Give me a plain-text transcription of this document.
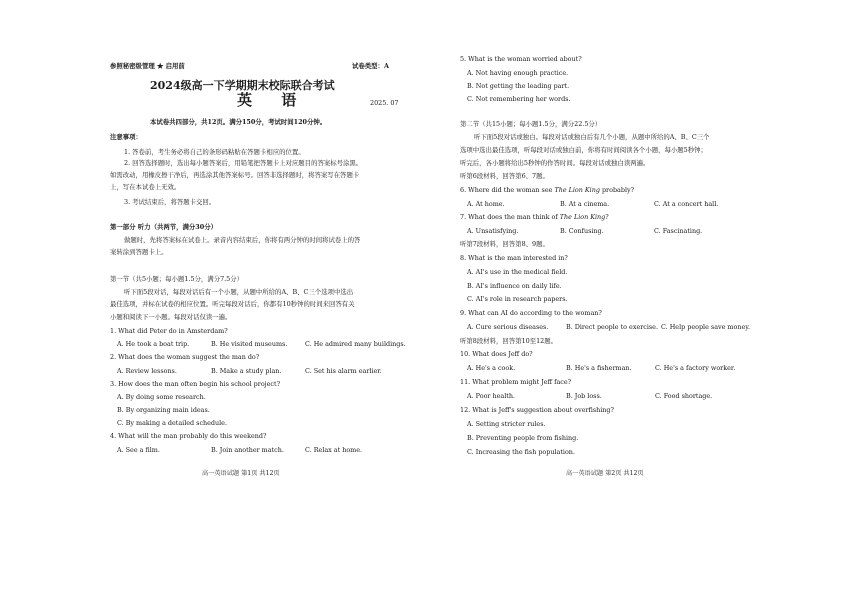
参照秘密级管理 ★ 启用前	试卷类型：A
2024级高一下学期期末校际联合考试
英 语	2025. 07
本试卷共四部分，共12页。满分150分，考试时间120分钟。
注意事项：
1. 答卷前，考生务必将自己的条形码粘贴在答题卡相应的位置。
2. 回答选择题时，选出每小题答案后，用铅笔把答题卡上对应题目的答案标号涂黑。
如需改动，用橡皮擦干净后，再选涂其他答案标号。回答非选择题时，将答案写在答题卡
上，写在本试卷上无效。
3. 考试结束后，将答题卡交回。
第一部分 听力（共两节，满分30分）
做题时，先将答案标在试卷上。录音内容结束后，你将有两分钟的时间将试卷上的答
案转涂到答题卡上。
第一节（共5小题；每小题1.5分，满分7.5分）
听下面5段对话，每段对话后有一个小题，从题中所给的A、B、C三个选项中选出
最佳选项，并标在试卷的相应位置。听完每段对话后，你都有10秒钟的时间来回答有关
小题和阅读下一小题。每段对话仅读一遍。
1. What did Peter do in Amsterdam?
A. He took a boat trip.	B. He visited museums.	C. He admired many buildings.
2. What does the woman suggest the man do?
A. Review lessons.	B. Make a study plan.	C. Set his alarm earlier.
3. How does the man often begin his school project?
A. By doing some research.
B. By organizing main ideas.
C. By making a detailed schedule.
4. What will the man probably do this weekend?
A. See a film.	B. Join another match.	C. Relax at home.
高一英语试题 第1页 共12页
5. What is the woman worried about?
A. Not having enough practice.
B. Not getting the leading part.
C. Not remembering her words.
第二节（共15小题；每小题1.5分，满分22.5分）
听下面5段对话或独白。每段对话或独白后有几个小题，从题中所给的A、B、C三个
选项中选出最佳选项，听每段对话或独白前，你将有时间阅读各个小题，每小题5秒钟；
听完后，各小题将给出5秒钟的作答时间。每段对话或独白读两遍。
听第6段材料，回答第6、7题。
6. Where did the woman see The Lion King probably?
A. At home.	B. At a cinema.	C. At a concert hall.
7. What does the man think of The Lion King?
A. Unsatisfying.	B. Confusing.	C. Fascinating.
听第7段材料，回答第8、9题。
8. What is the man interested in?
A. AI's use in the medical field.
B. AI's influence on daily life.
C. AI's role in research papers.
9. What can AI do according to the woman?
A. Cure serious diseases.	B. Direct people to exercise. C. Help people save money.
听第8段材料，回答第10至12题。
10. What does Jeff do?
A. He's a cook.	B. He's a fisherman.	C. He's a factory worker.
11. What problem might Jeff face?
A. Poor health.	B. Job loss.	C. Food shortage.
12. What is Jeff's suggestion about overfishing?
A. Setting stricter rules.
B. Preventing people from fishing.
C. Increasing the fish population.
高一英语试题 第2页 共12页
